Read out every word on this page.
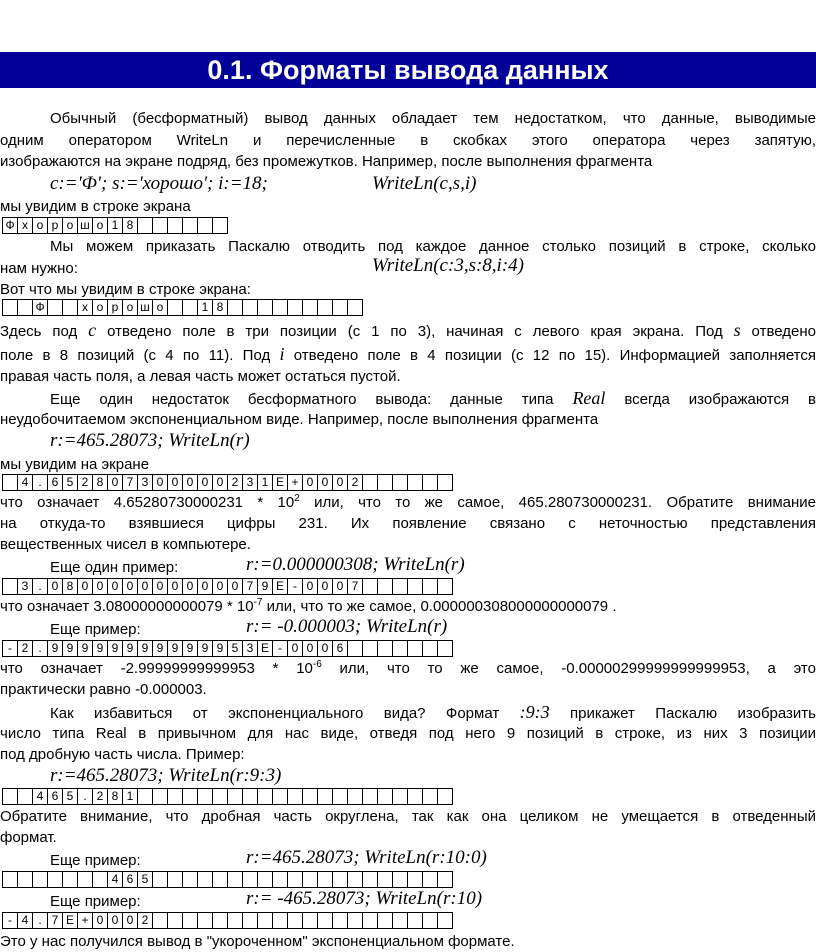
0.1. Форматы вывода данных
Обычный (бесформатный) вывод данных обладает тем недостатком, что данные, выводимые
одним оператором WriteLn и перечисленные в скобках этого оператора через запятую,
изображаются на экране подряд, без промежутков. Например, после выполнения фрагмента
c:='Ф'; s:='хорошо'; i:=18;	WriteLn(c,s,i)
мы увидим в строке экрана
Ф х о р о ш о 1 8
Мы можем приказать Паскалю отводить под каждое данное столько позиций в строке, сколько
нам нужно:	WriteLn(c:3,s:8,i:4)
Вот что мы увидим в строке экрана:
Ф	х о р о ш о	1 8
Здесь под c отведено поле в три позиции (с 1 по 3), начиная с левого края экрана. Под s отведено
поле в 8 позиций (с 4 по 11). Под i отведено поле в 4 позиции (с 12 по 15). Информацией заполняется
правая часть поля, а левая часть может остаться пустой.
Еще один недостаток бесформатного вывода: данные типа Real всегда изображаются в
неудобочитаемом экспоненциальном виде. Например, после выполнения фрагмента
r:=465.28073; WriteLn(r)
мы увидим на экране
4 . 6 5 2 8 0 7 3 0 0 0 0 0 2 3 1 E + 0 0 0 2
что означает $4.65280730000231 * 10^2$ или, что то же самое, 465.280730000231. Обратите внимание
на откуда-то взявшиеся цифры 231. Их появление связано с неточностью представления
вещественных чисел в компьютере.
Еще один пример:	r:=0.000000308; WriteLn(r)
3 . 0 8 0 0 0 0 0 0 0 0 0 0 0 7 9 E - 0 0 0 7
что означает $3.08000000000079 * 10^{-7}$ или, что то же самое, 0.000000308000000000079 .
Еще пример:	r:= -0.000003; WriteLn(r)
- 2 . 9 9 9 9 9 9 9 9 9 9 9 9 5 3 E - 0 0 0 6
что означает $-2.99999999999953 * 10^{-6}$ или, что то же самое, -0.00000299999999999953, а это
практически равно -0.000003.
Как избавиться от экспоненциального вида? Формат :9:3 прикажет Паскалю изобразить
число типа Real в привычном для нас виде, отведя под него 9 позиций в строке, из них 3 позиции
под дробную часть числа. Пример:
r:=465.28073; WriteLn(r:9:3)
4 6 5 . 2 8 1
Обратите внимание, что дробная часть округлена, так как она целиком не умещается в отведенный
формат.
Еще пример:	r:=465.28073; WriteLn(r:10:0)
4 6 5
Еще пример:	r:= -465.28073; WriteLn(r:10)
- 4 . 7 E + 0 0 0 2
Это у нас получился вывод в "укороченном" экспоненциальном формате.
